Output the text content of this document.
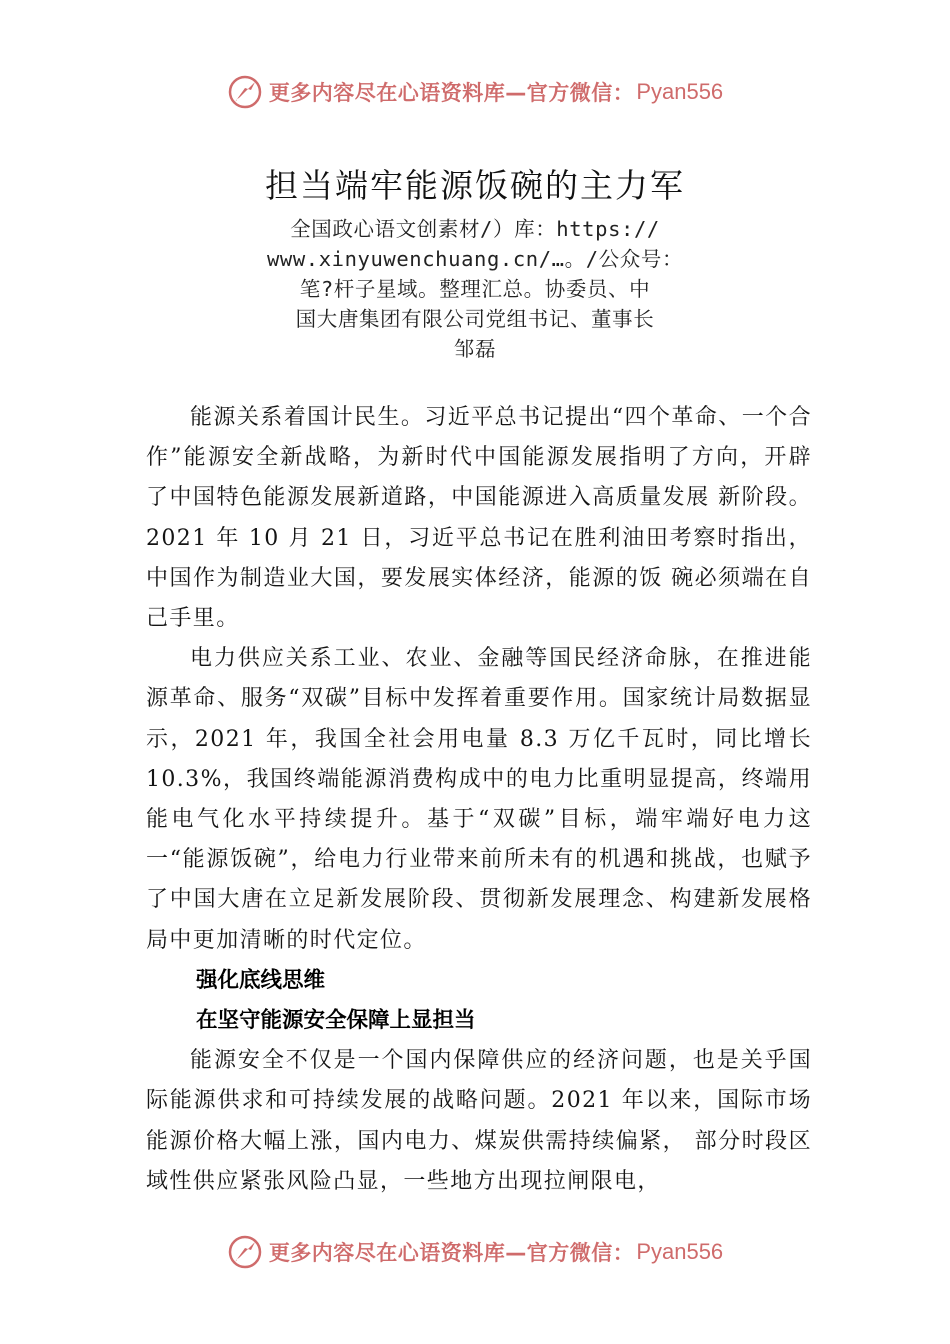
更多内容尽在心语资料库—官方微信： Pyan556
担当端牢能源饭碗的主力军
全国政心语文创素材/）库：https://
www.xinyuwenchuang.cn/…。/公众号：
笔?杆子星域。整理汇总。协委员、中
国大唐集团有限公司党组书记、董事长
邹磊

能源关系着国计民生。习近平总书记提出“四个革命、一个合作”能源安全新战略，为新时代中国能源发展指明了方向，开辟了中国特色能源发展新道路，中国能源进入高质量发展 新阶段。2021 年 10 月 21 日，习近平总书记在胜利油田考察时指出，中国作为制造业大国，要发展实体经济，能源的饭 碗必须端在自己手里。

电力供应关系工业、农业、金融等国民经济命脉，在推进能源革命、服务“双碳”目标中发挥着重要作用。国家统计局数据显示，2021 年，我国全社会用电量 8.3 万亿千瓦时，同比增长 10.3%，我国终端能源消费构成中的电力比重明显提高，终端用能电气化水平持续提升。基于“双碳”目标，端牢端好电力这一“能源饭碗”，给电力行业带来前所未有的机遇和挑战，也赋予了中国大唐在立足新发展阶段、贯彻新发展理念、构建新发展格局中更加清晰的时代定位。

强化底线思维
在坚守能源安全保障上显担当

能源安全不仅是一个国内保障供应的经济问题，也是关乎国际能源供求和可持续发展的战略问题。2021 年以来，国际市场能源价格大幅上涨，国内电力、煤炭供需持续偏紧， 部分时段区域性供应紧张风险凸显，一些地方出现拉闸限电，

更多内容尽在心语资料库—官方微信： Pyan556
